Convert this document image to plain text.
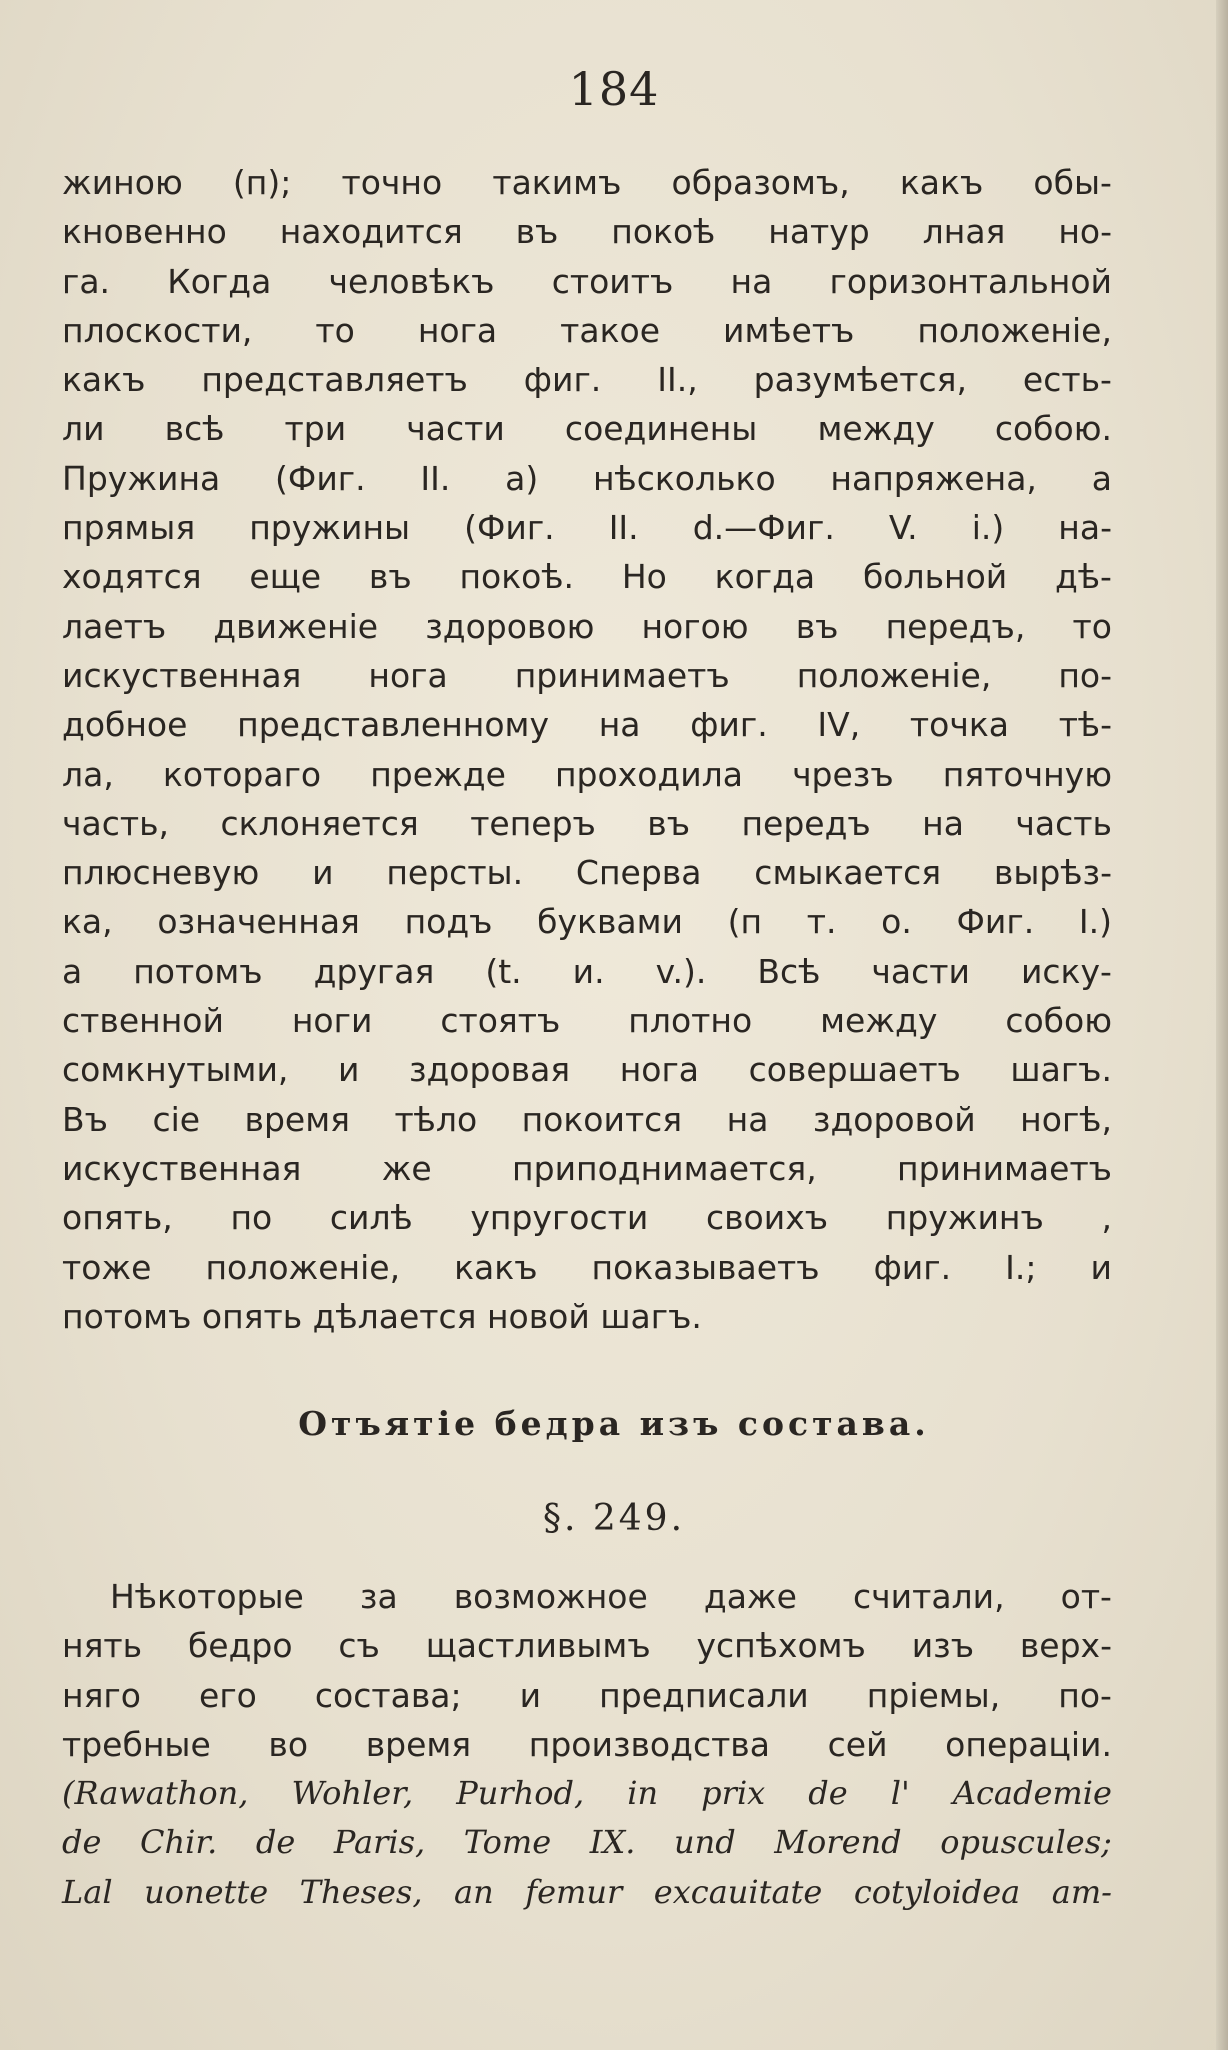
184
жиною (п); точно такимъ образомъ, какъ обы-
кновенно находится въ покоѣ натур лная но-
га. Когда человѣкъ стоитъ на горизонтальной
плоскости, то нога такое имѣетъ положеніе,
какъ представляетъ фиг. II., разумѣется, есть-
ли всѣ три части соединены между собою.
Пружина (Фиг. II. а) нѣсколько напряжена, а
прямыя пружины (Фиг. II. d.—Фиг. V. i.) на-
ходятся еще въ покоѣ. Но когда больной дѣ-
лаетъ движеніе здоровою ногою въ передъ, то
искуственная нога принимаетъ положеніе, по-
добное представленному на фиг. IV, точка тѣ-
ла, котораго прежде проходила чрезъ пяточную
часть, склоняется теперъ въ передъ на часть
плюсневую и персты. Сперва смыкается вырѣз-
ка, означенная подъ буквами (п т. о. Фиг. I.)
а потомъ другая (t. и. v.). Всѣ части иску-
ственной ноги стоятъ плотно между собою
сомкнутыми, и здоровая нога совершаетъ шагъ.
Въ сіе время тѣло покоится на здоровой ногѣ,
искуственная же приподнимается, принимаетъ
опять, по силѣ упругости своихъ пружинъ ,
тоже положеніе, какъ показываетъ фиг. I.; и
потомъ опять дѣлается новой шагъ.
Отъятіе бедра изъ состава.
§. 249.
Нѣкоторые за возможное даже считали, от-
нять бедро съ щастливымъ успѣхомъ изъ верх-
няго его состава; и предписали пріемы, по-
требные во время производства сей операціи.
(Rawathon, Wohler, Purhod, in prix de l' Academie
de Chir. de Paris, Tome IX. und Morend opuscules;
Lal uonette Theses, an femur excauitate cotyloidea am-
